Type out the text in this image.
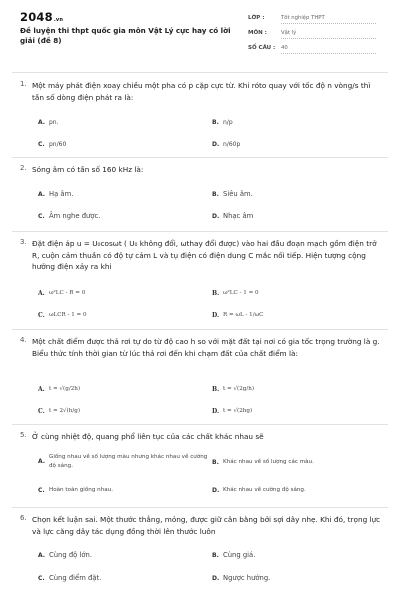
2048.vn
Đề luyện thi thpt quốc gia môn Vật Lý cực hay có lời giải (đề 8)
LỚP :	Tốt nghiệp THPT
MÔN :	Vật lý
SỐ CÂU : 40
1. Một máy phát điện xoay chiều một pha có p cặp cực từ. Khi róto quay với tốc độ n vòng/s thì tần số dòng điện phát ra là:
A. pn.	B. n/p
C. pn/60	D. n/60p
2. Sóng âm có tần số 160 kHz là:
A. Hạ âm.	B. Siêu âm.
C. Âm nghe được.	D. Nhạc âm
3. Đặt điện áp u = U₀cosωt ( U₀ không đổi, ωthay đổi được) vào hai đầu đoạn mạch gồm điện trở R, cuộn cảm thuần có độ tự cảm L và tụ điện có điện dung C mắc nối tiếp. Hiện tượng cộng hưởng điện xảy ra khi
A. ω²LC - R = 0	B. ω²LC - 1 = 0
C. ωLCR - 1 = 0	D. R = ωL - 1/ωC
4. Một chất điểm được thả rơi tự do từ độ cao h so với mặt đất tại nơi có gia tốc trọng trường là g. Biểu thức tính thời gian từ lúc thả rơi đến khi chạm đất của chất điểm là:
A. t = √(g/2h)	B. t = √(2g/h)
C. t = 2√(h/g)	D. t = √(2hg)
5. Ở cùng nhiệt độ, quang phổ liên tục của các chất khác nhau sẽ
A.Giống nhau về số lượng màu nhưng khác nhau về cường độ sáng.	B. Khác nhau về số lượng các màu.
C. Hoàn toàn giống nhau.	D. Khác nhau về cường độ sáng.
6. Chọn kết luận sai. Một thước thẳng, mỏng, được giữ cân bằng bởi sợi dây nhẹ. Khi đó, trọng lực và lực căng dây tác dụng đồng thời lên thước luôn
A. Cùng độ lớn.	B. Cùng giá.
C. Cùng điểm đặt.	D. Ngược hướng.
